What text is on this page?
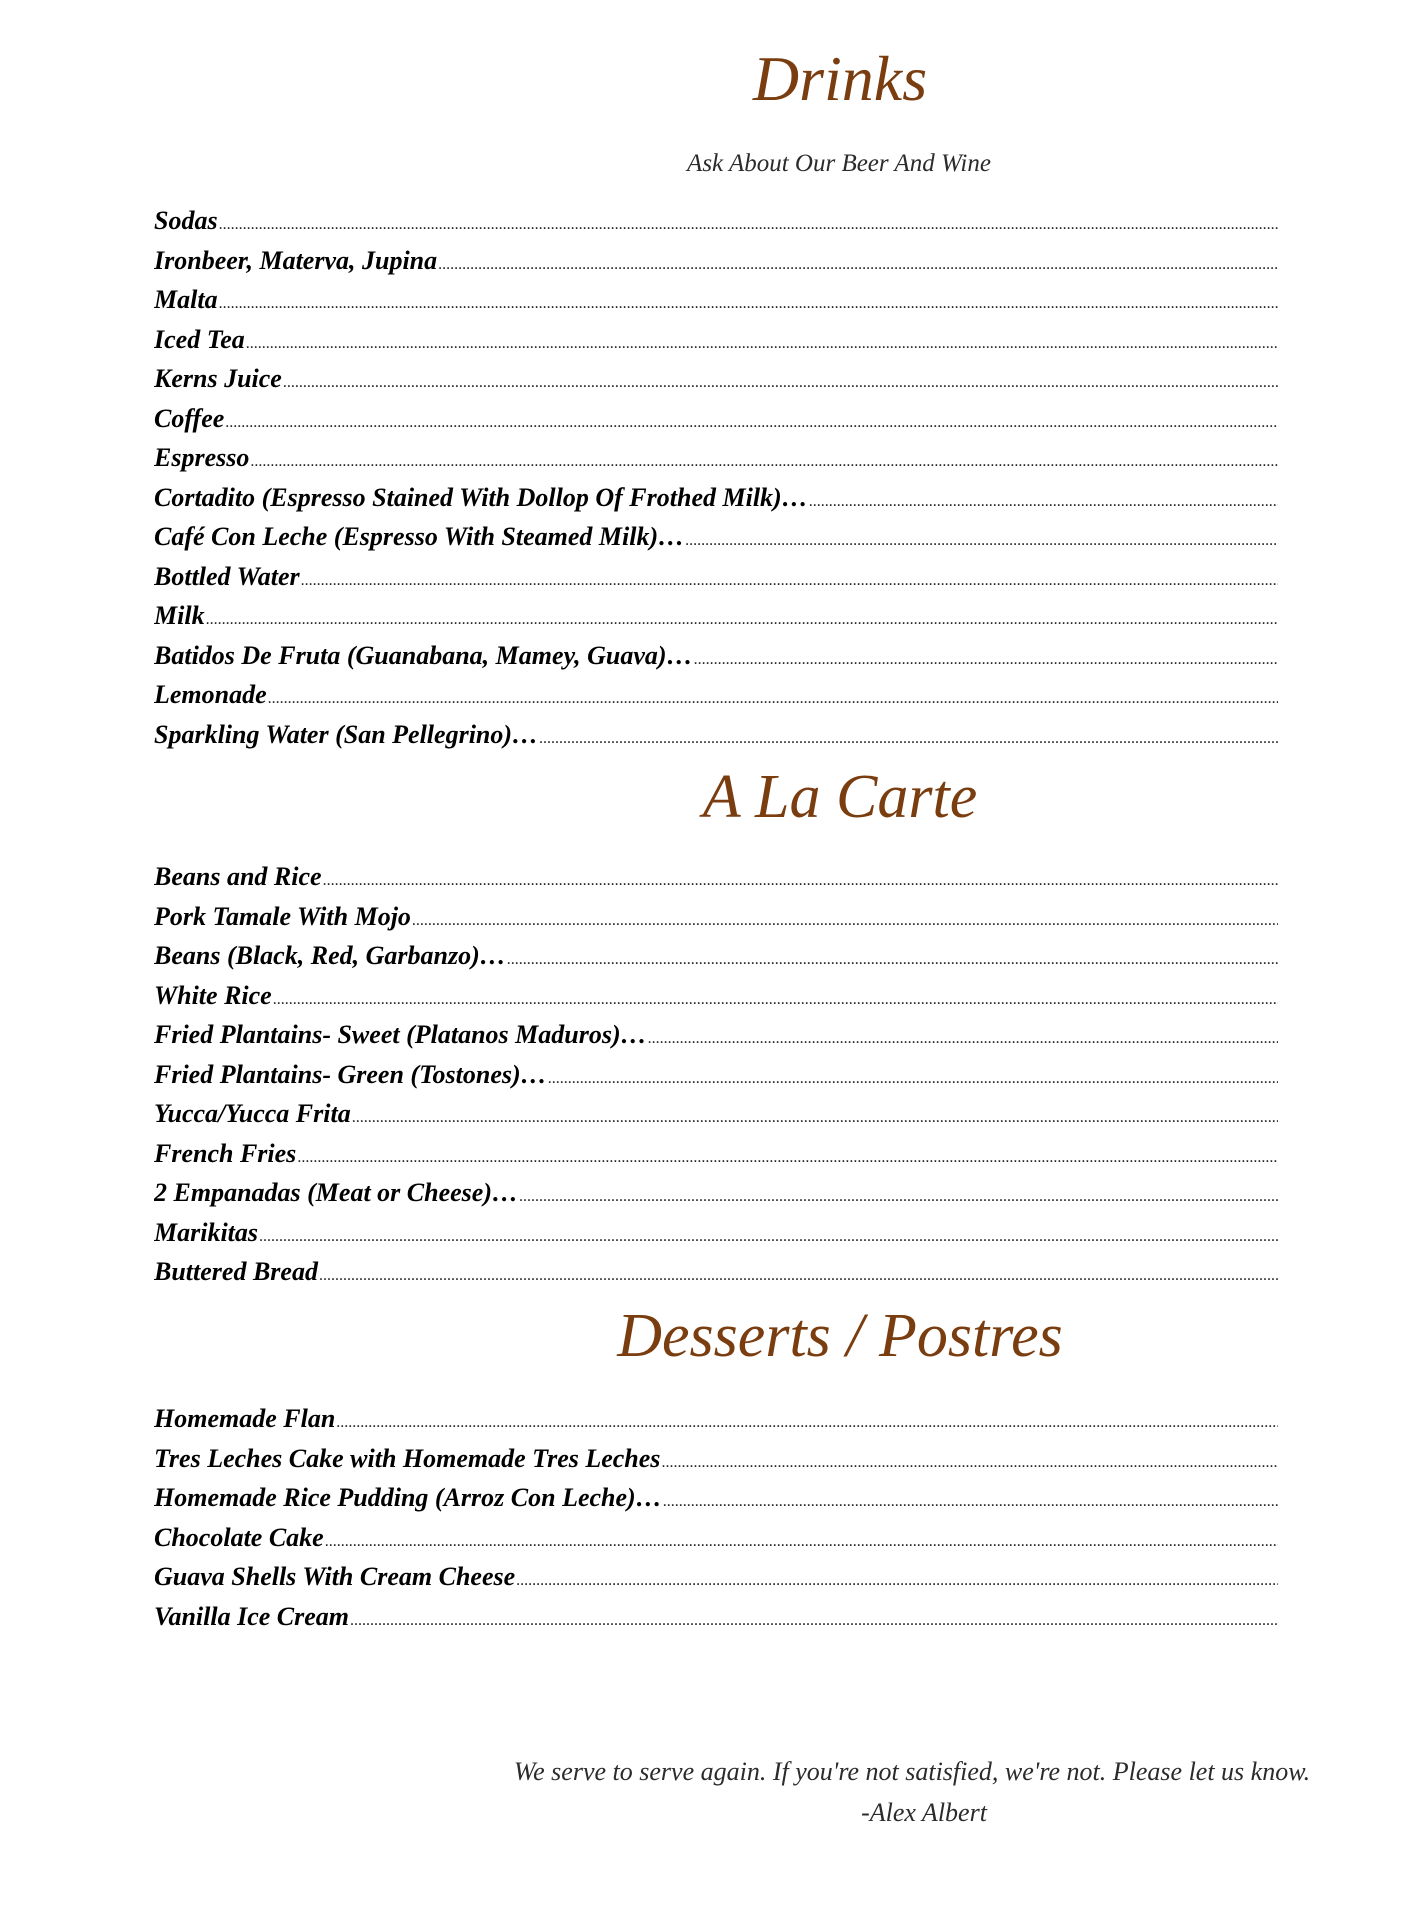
Drinks

Ask About Our Beer And Wine

Sodas
.....
Ironbeer, Materva, Jupina
.....
Malta
.....
Iced Tea
.....
Kerns Juice
.....
Coffee
.....
Espresso
.....
Cortadito (Espresso Stained With Dollop Of Frothed Milk)…
.....
Café Con Leche (Espresso With Steamed Milk)…
.....
Bottled Water
.....
Milk
.....
Batidos De Fruta (Guanabana, Mamey, Guava)…
.....
Lemonade
.....
Sparkling Water (San Pellegrino)…
.....
A La Carte
Beans and Rice
.....
Pork Tamale With Mojo
.....
Beans (Black, Red, Garbanzo)…
.....
White Rice
.....
Fried Plantains- Sweet (Platanos Maduros)…
.....
Fried Plantains- Green (Tostones)…
.....
Yucca/Yucca Frita
.....
French Fries
.....
2 Empanadas (Meat or Cheese)…
.....
Marikitas
.....
Buttered Bread
.....
Desserts / Postres
Homemade Flan
.....
Tres Leches Cake with Homemade Tres Leches
.....
Homemade Rice Pudding (Arroz Con Leche)…
.....
Chocolate Cake
.....
Guava Shells With Cream Cheese
.....
Vanilla Ice Cream
.....

We serve to serve again. If you're not satisfied, we're not. Please let us know.

-Alex Albert
